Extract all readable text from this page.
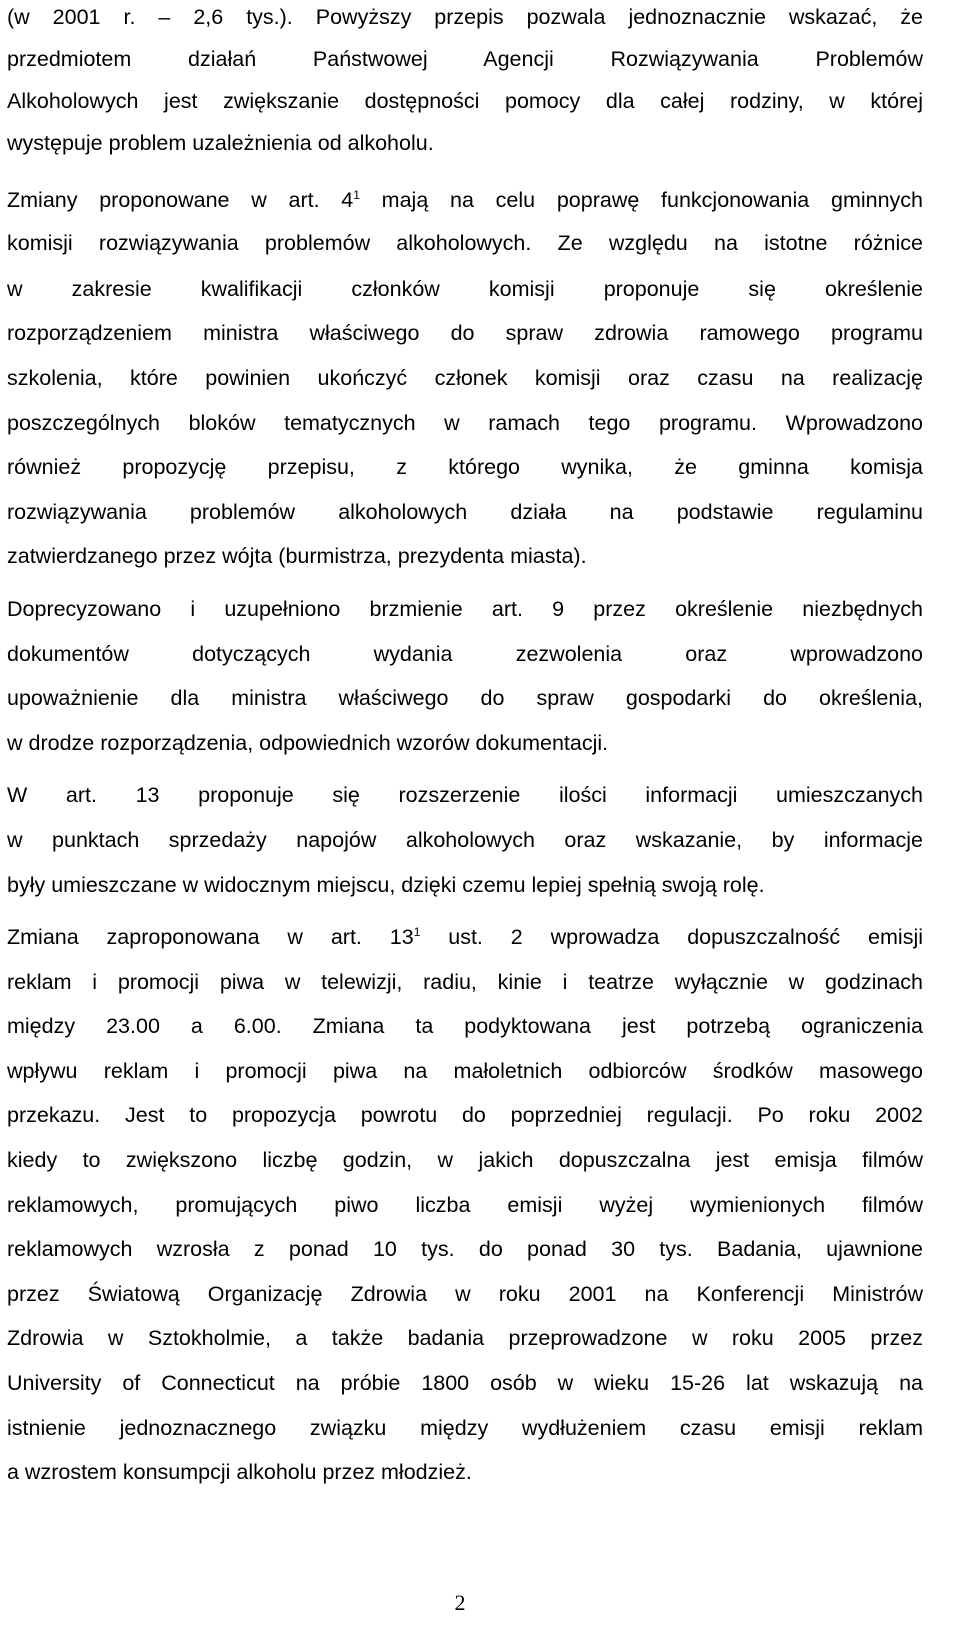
(w 2001 r. – 2,6 tys.). Powyższy przepis pozwala jednoznacznie wskazać, że
przedmiotem działań Państwowej Agencji Rozwiązywania Problemów
Alkoholowych jest zwiększanie dostępności pomocy dla całej rodziny, w której
występuje problem uzależnienia od alkoholu.
Zmiany proponowane w art. $4^1$ mają na celu poprawę funkcjonowania gminnych
komisji rozwiązywania problemów alkoholowych. Ze względu na istotne różnice
w zakresie kwalifikacji członków komisji proponuje się określenie
rozporządzeniem ministra właściwego do spraw zdrowia ramowego programu
szkolenia, które powinien ukończyć członek komisji oraz czasu na realizację
poszczególnych bloków tematycznych w ramach tego programu. Wprowadzono
również propozycję przepisu, z którego wynika, że gminna komisja
rozwiązywania problemów alkoholowych działa na podstawie regulaminu
zatwierdzanego przez wójta (burmistrza, prezydenta miasta).
Doprecyzowano i uzupełniono brzmienie art. 9 przez określenie niezbędnych
dokumentów dotyczących wydania zezwolenia oraz wprowadzono
upoważnienie dla ministra właściwego do spraw gospodarki do określenia,
w drodze rozporządzenia, odpowiednich wzorów dokumentacji.
W art. 13 proponuje się rozszerzenie ilości informacji umieszczanych
w punktach sprzedaży napojów alkoholowych oraz wskazanie, by informacje
były umieszczane w widocznym miejscu, dzięki czemu lepiej spełnią swoją rolę.
Zmiana zaproponowana w art. $13^1$ ust. 2 wprowadza dopuszczalność emisji
reklam i promocji piwa w telewizji, radiu, kinie i teatrze wyłącznie w godzinach
między 23.00 a 6.00. Zmiana ta podyktowana jest potrzebą ograniczenia
wpływu reklam i promocji piwa na małoletnich odbiorców środków masowego
przekazu. Jest to propozycja powrotu do poprzedniej regulacji. Po roku 2002
kiedy to zwiększono liczbę godzin, w jakich dopuszczalna jest emisja filmów
reklamowych, promujących piwo liczba emisji wyżej wymienionych filmów
reklamowych wzrosła z ponad 10 tys. do ponad 30 tys. Badania, ujawnione
przez Światową Organizację Zdrowia w roku 2001 na Konferencji Ministrów
Zdrowia w Sztokholmie, a także badania przeprowadzone w roku 2005 przez
University of Connecticut na próbie 1800 osób w wieku 15-26 lat wskazują na
istnienie jednoznacznego związku między wydłużeniem czasu emisji reklam
a wzrostem konsumpcji alkoholu przez młodzież.
2
